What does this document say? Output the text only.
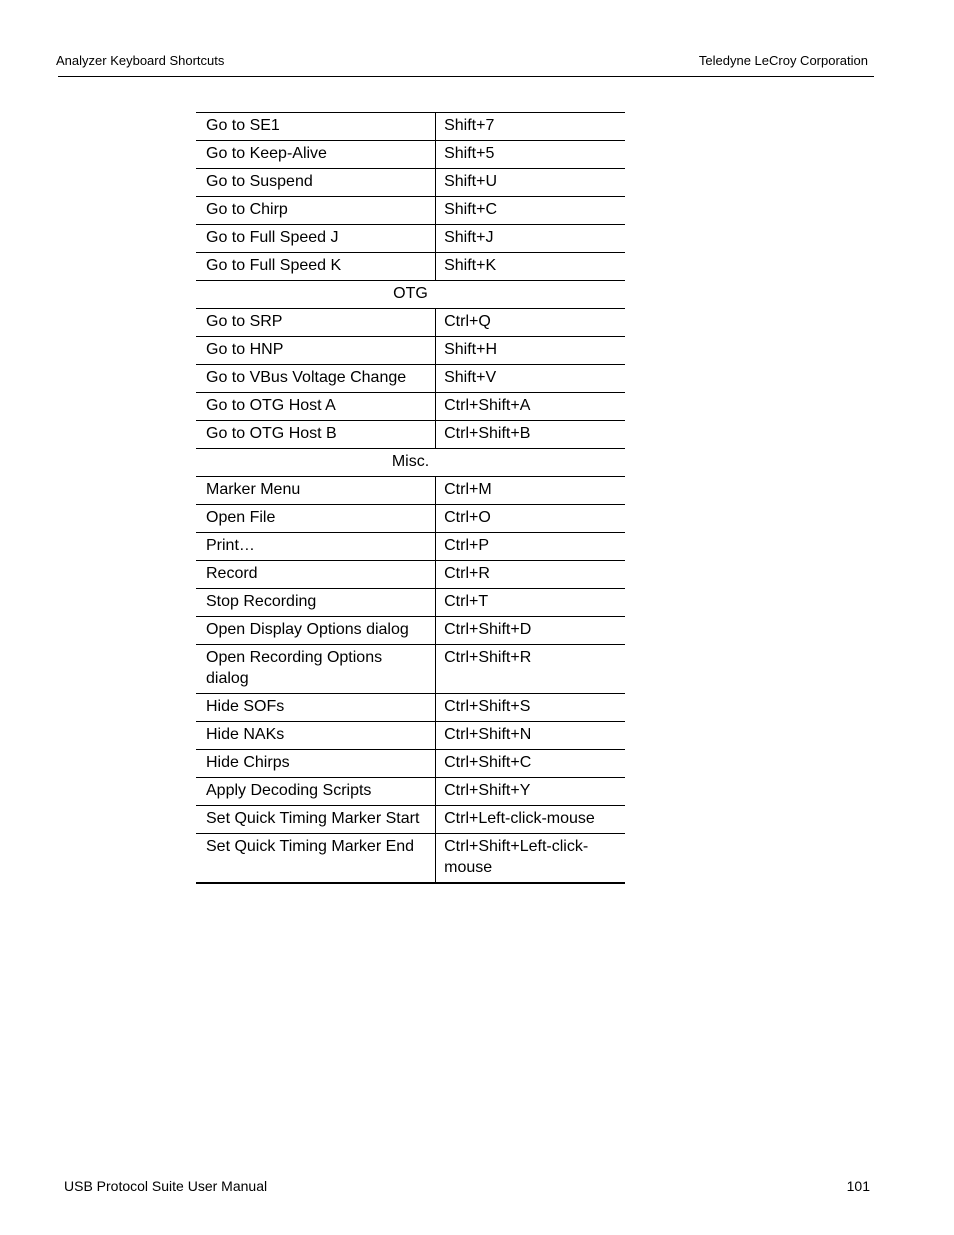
Analyzer Keyboard Shortcuts	Teledyne LeCroy Corporation
Go to SE1	Shift+7
Go to Keep-Alive	Shift+5
Go to Suspend	Shift+U
Go to Chirp	Shift+C
Go to Full Speed J	Shift+J
Go to Full Speed K	Shift+K
OTG	
Go to SRP	Ctrl+Q
Go to HNP	Shift+H
Go to VBus Voltage Change	Shift+V
Go to OTG Host A	Ctrl+Shift+A
Go to OTG Host B	Ctrl+Shift+B
Misc.	
Marker Menu	Ctrl+M
Open File	Ctrl+O
Print…	Ctrl+P
Record	Ctrl+R
Stop Recording	Ctrl+T
Open Display Options dialog	Ctrl+Shift+D
Open Recording Options dialog	Ctrl+Shift+R
Hide SOFs	Ctrl+Shift+S
Hide NAKs	Ctrl+Shift+N
Hide Chirps	Ctrl+Shift+C
Apply Decoding Scripts	Ctrl+Shift+Y
Set Quick Timing Marker Start	Ctrl+Left-click-mouse
Set Quick Timing Marker End	Ctrl+Shift+Left-click-mouse
USB Protocol Suite User Manual	101
